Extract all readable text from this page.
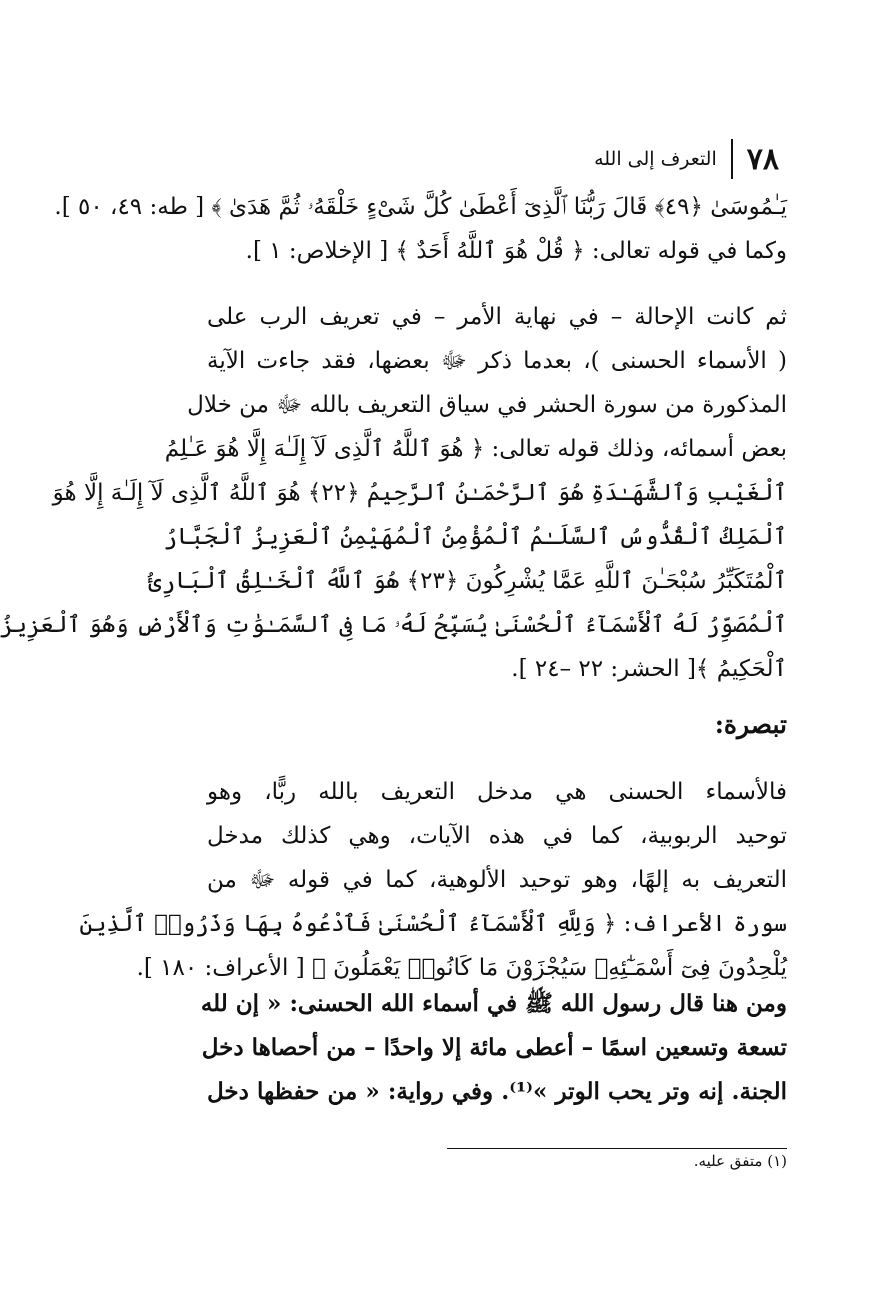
٧٨
التعرف إلى الله
يَـٰمُوسَىٰ ﴿٤٩﴾ قَالَ رَبُّنَا ٱلَّذِىٓ أَعْطَىٰ كُلَّ شَىْءٍ خَلْقَهُۥ ثُمَّ هَدَىٰ ﴾ [ طه: ٤٩، ٥٠ ].
وكما في قوله تعالى: ﴿ قُلْ هُوَ ٱللَّهُ أَحَدٌ ﴾ [ الإخلاص: ١ ].
ثم كانت الإحالة – في نهاية الأمر – في تعريف الرب على
( الأسماء الحسنى )، بعدما ذكر ﷻ بعضها، فقد جاءت الآية
المذكورة من سورة الحشر في سياق التعريف بالله ﷻ من خلال
بعض أسمائه، وذلك قوله تعالى: ﴿ هُوَ ٱللَّهُ ٱلَّذِى لَآ إِلَـٰهَ إِلَّا هُوَ عَـٰلِمُ
ٱلْغَيْبِ وَٱلشَّهَـٰدَةِ هُوَ ٱلرَّحْمَـٰنُ ٱلرَّحِيمُ ﴿٢٢﴾ هُوَ ٱللَّهُ ٱلَّذِى لَآ إِلَـٰهَ إِلَّا هُوَ
ٱلْمَلِكُ ٱلْقُدُّوسُ ٱلسَّلَـٰمُ ٱلْمُؤْمِنُ ٱلْمُهَيْمِنُ ٱلْعَزِيزُ ٱلْجَبَّارُ
ٱلْمُتَكَبِّرُ سُبْحَـٰنَ ٱللَّهِ عَمَّا يُشْرِكُونَ ﴿٢٣﴾ هُوَ ٱللَّهُ ٱلْخَـٰلِقُ ٱلْبَارِئُ
ٱلْمُصَوِّرُ لَهُ ٱلْأَسْمَآءُ ٱلْحُسْنَىٰ يُسَبِّحُ لَهُۥ مَا فِى ٱلسَّمَـٰوَٰتِ وَٱلْأَرْضِ وَهُوَ ٱلْعَزِيزُ
ٱلْحَكِيمُ ﴾[ الحشر: ٢٢ –٢٤ ].
تبصرة:
فالأسماء الحسنى هي مدخل التعريف بالله ربًّا، وهو
توحيد الربوبية، كما في هذه الآيات، وهي كذلك مدخل
التعريف به إلهًا، وهو توحيد الألوهية، كما في قوله ﷻ من
سورة الأعراف: ﴿ وَلِلَّهِ ٱلْأَسْمَآءُ ٱلْحُسْنَىٰ فَٱدْعُوهُ بِهَا وَذَرُوا۟ ٱلَّذِينَ
يُلْحِدُونَ فِىٓ أَسْمَـٰٓئِهِۦ سَيُجْزَوْنَ مَا كَانُوا۟ يَعْمَلُونَ ﴾ [ الأعراف: ١٨٠ ].
ومن هنا قال رسول الله ﷺ في أسماء الله الحسنى: « إن لله
تسعة وتسعين اسمًا – أعطى مائة إلا واحدًا – من أحصاها دخل
الجنة. إنه وتر يحب الوتر »⁽¹⁾. وفي رواية: « من حفظها دخل
(١) متفق عليه.
